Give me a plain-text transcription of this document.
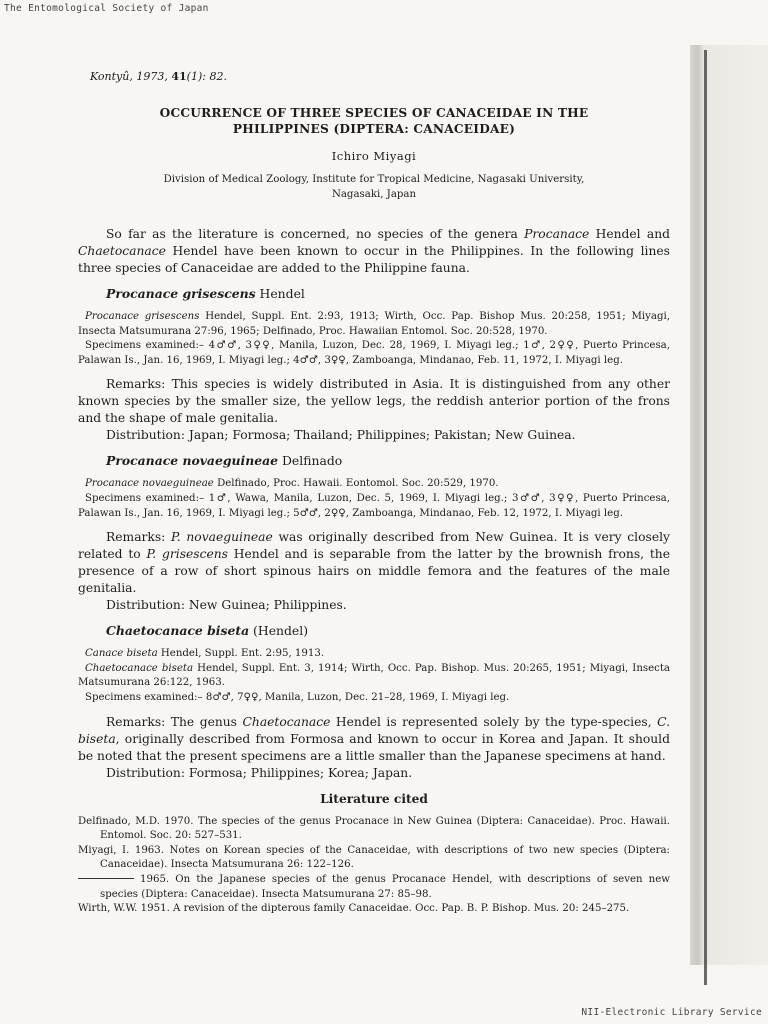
The Entomological Society of Japan

Kontyû, 1973, 41(1): 82.

OCCURRENCE OF THREE SPECIES OF CANACEIDAE IN THE
PHILIPPINES (DIPTERA: CANACEIDAE)
Ichiro Miyagi
Division of Medical Zoology, Institute for Tropical Medicine, Nagasaki University,
Nagasaki, Japan

So far as the literature is concerned, no species of the genera Procanace Hendel and Chaetocanace Hendel have been known to occur in the Philippines. In the following lines three species of Canaceidae are added to the Philippine fauna.

Procanace grisescens Hendel

Procanace grisescens Hendel, Suppl. Ent. 2:93, 1913; Wirth, Occ. Pap. Bishop Mus. 20:258, 1951; Miyagi, Insecta Matsumurana 27:96, 1965; Delfinado, Proc. Hawaiian Entomol. Soc. 20:528, 1970.

Specimens examined:– 4♂♂, 3♀♀, Manila, Luzon, Dec. 28, 1969, I. Miyagi leg.; 1♂, 2♀♀, Puerto Princesa, Palawan Is., Jan. 16, 1969, I. Miyagi leg.; 4♂♂, 3♀♀, Zamboanga, Mindanao, Feb. 11, 1972, I. Miyagi leg.

Remarks: This species is widely distributed in Asia. It is distinguished from any other known species by the smaller size, the yellow legs, the reddish anterior portion of the frons and the shape of male genitalia.

Distribution: Japan; Formosa; Thailand; Philippines; Pakistan; New Guinea.

Procanace novaeguineae Delfinado

Procanace novaeguineae Delfinado, Proc. Hawaii. Eontomol. Soc. 20:529, 1970.

Specimens examined:– 1♂, Wawa, Manila, Luzon, Dec. 5, 1969, I. Miyagi leg.; 3♂♂, 3♀♀, Puerto Princesa, Palawan Is., Jan. 16, 1969, I. Miyagi leg.; 5♂♂, 2♀♀, Zamboanga, Mindanao, Feb. 12, 1972, I. Miyagi leg.

Remarks: P. novaeguineae was originally described from New Guinea. It is very closely related to P. grisescens Hendel and is separable from the latter by the brownish frons, the presence of a row of short spinous hairs on middle femora and the features of the male genitalia.

Distribution: New Guinea; Philippines.

Chaetocanace biseta (Hendel)

Canace biseta Hendel, Suppl. Ent. 2:95, 1913.

Chaetocanace biseta Hendel, Suppl. Ent. 3, 1914; Wirth, Occ. Pap. Bishop. Mus. 20:265, 1951; Miyagi, Insecta Matsumurana 26:122, 1963.

Specimens examined:– 8♂♂, 7♀♀, Manila, Luzon, Dec. 21–28, 1969, I. Miyagi leg.

Remarks: The genus Chaetocanace Hendel is represented solely by the type-species, C. biseta, originally described from Formosa and known to occur in Korea and Japan. It should be noted that the present specimens are a little smaller than the Japanese specimens at hand.

Distribution: Formosa; Philippines; Korea; Japan.

Literature cited
Delfinado, M.D. 1970. The species of the genus Procanace in New Guinea (Diptera: Canaceidae). Proc. Hawaii. Entomol. Soc. 20: 527–531.
Miyagi, I. 1963. Notes on Korean species of the Canaceidae, with descriptions of two new species (Diptera: Canaceidae). Insecta Matsumurana 26: 122–126.
1965. On the Japanese species of the genus Procanace Hendel, with descriptions of seven new species (Diptera: Canaceidae). Insecta Matsumurana 27: 85–98.
Wirth, W.W. 1951. A revision of the dipterous family Canaceidae. Occ. Pap. B. P. Bishop. Mus. 20: 245–275.
NII-Electronic Library Service
